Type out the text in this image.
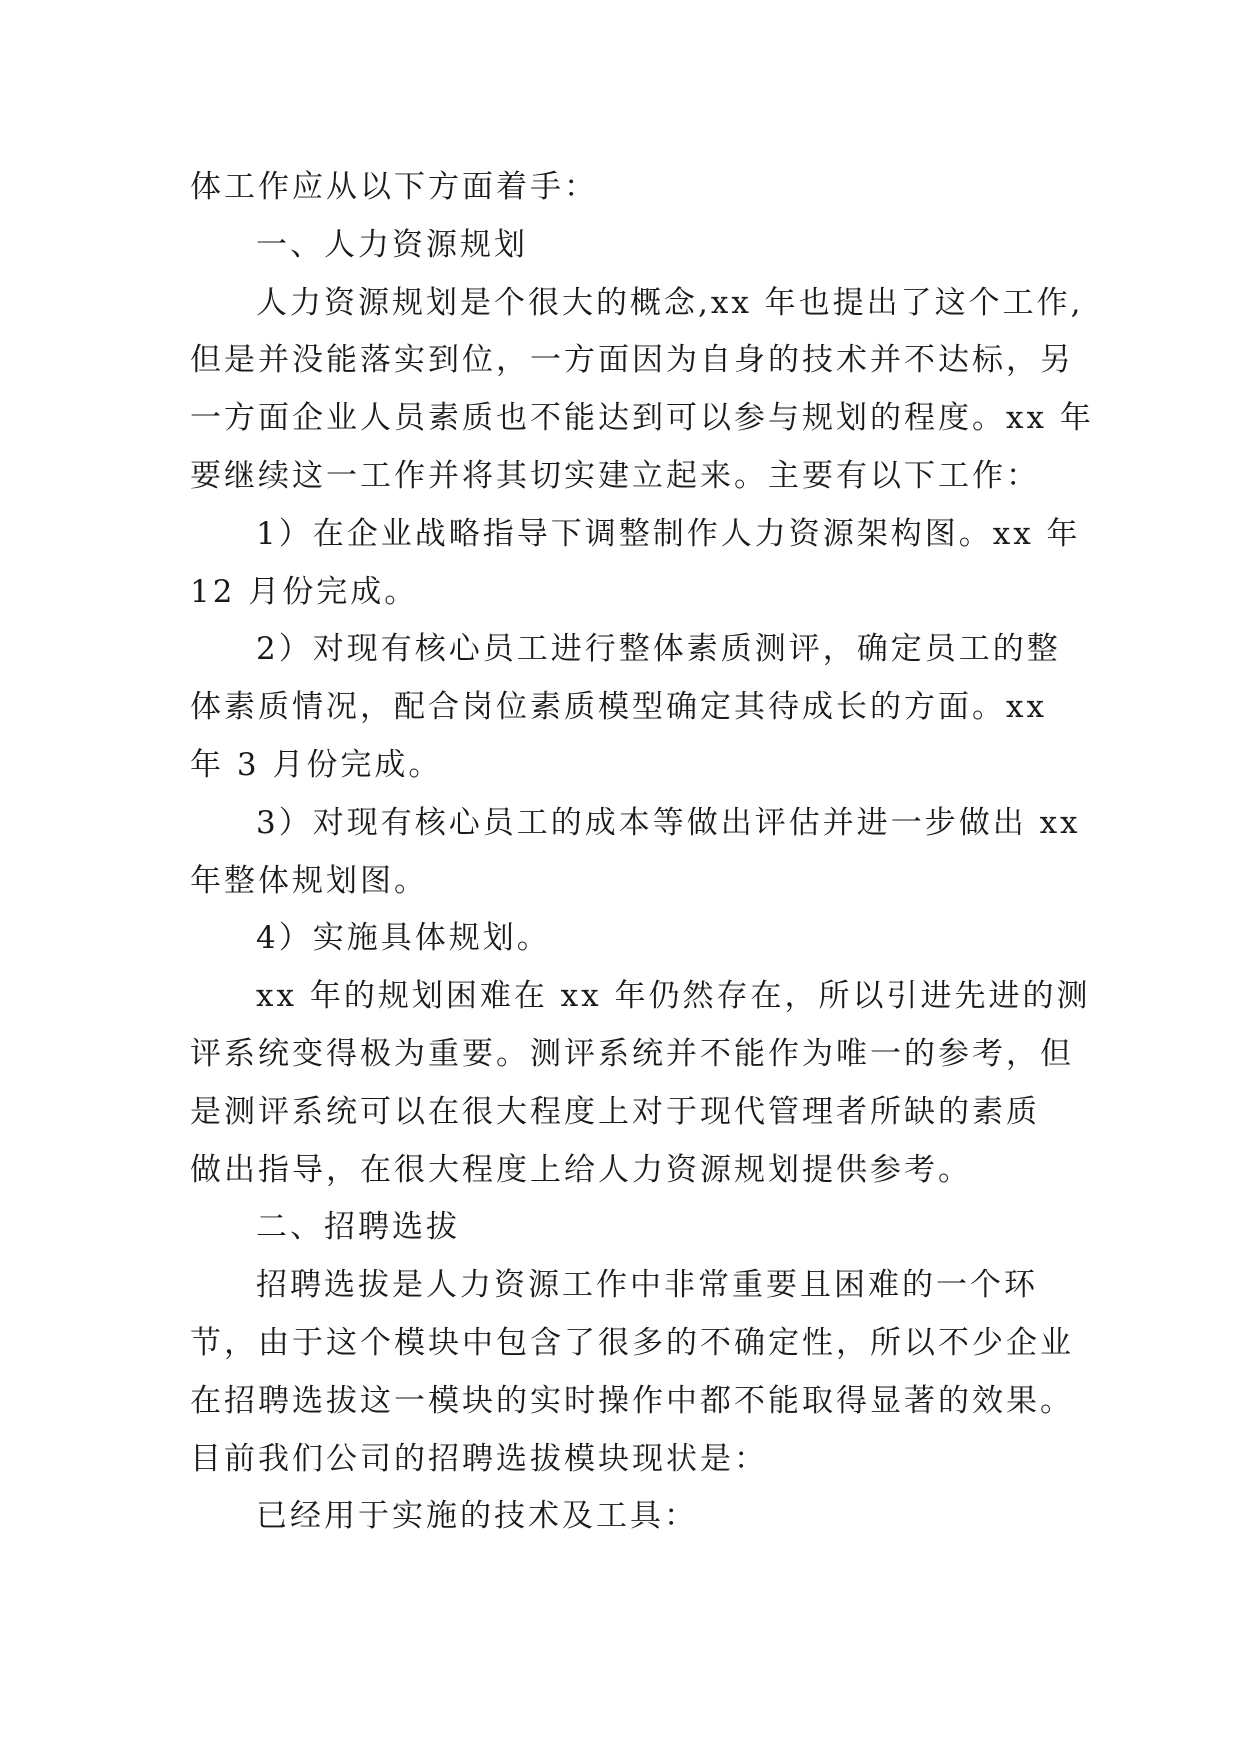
体工作应从以下方面着手：
一、人力资源规划
人力资源规划是个很大的概念,xx 年也提出了这个工作,
但是并没能落实到位，一方面因为自身的技术并不达标，另
一方面企业人员素质也不能达到可以参与规划的程度。xx 年
要继续这一工作并将其切实建立起来。主要有以下工作：
1）在企业战略指导下调整制作人力资源架构图。xx 年
12 月份完成。
2）对现有核心员工进行整体素质测评，确定员工的整
体素质情况，配合岗位素质模型确定其待成长的方面。xx
年 3 月份完成。
3）对现有核心员工的成本等做出评估并进一步做出 xx
年整体规划图。
4）实施具体规划。
xx 年的规划困难在 xx 年仍然存在，所以引进先进的测
评系统变得极为重要。测评系统并不能作为唯一的参考，但
是测评系统可以在很大程度上对于现代管理者所缺的素质
做出指导，在很大程度上给人力资源规划提供参考。
二、招聘选拔
招聘选拔是人力资源工作中非常重要且困难的一个环
节，由于这个模块中包含了很多的不确定性，所以不少企业
在招聘选拔这一模块的实时操作中都不能取得显著的效果。
目前我们公司的招聘选拔模块现状是：
已经用于实施的技术及工具：
